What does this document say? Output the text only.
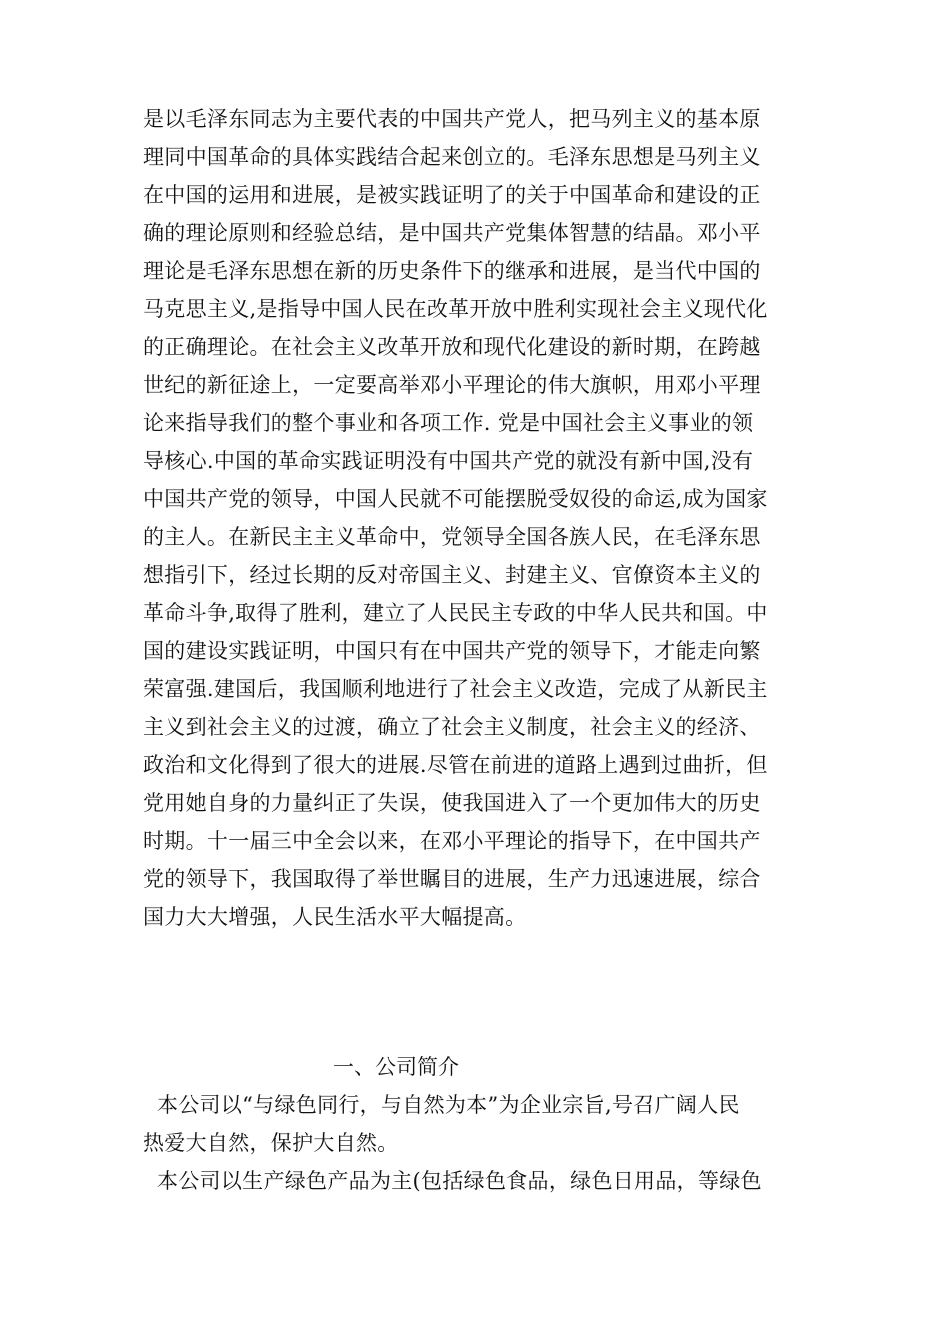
是以毛泽东同志为主要代表的中国共产党人，把马列主义的基本原
理同中国革命的具体实践结合起来创立的。毛泽东思想是马列主义
在中国的运用和进展，是被实践证明了的关于中国革命和建设的正
确的理论原则和经验总结，是中国共产党集体智慧的结晶。邓小平
理论是毛泽东思想在新的历史条件下的继承和进展，是当代中国的
马克思主义,是指导中国人民在改革开放中胜利实现社会主义现代化
的正确理论。在社会主义改革开放和现代化建设的新时期，在跨越
世纪的新征途上，一定要高举邓小平理论的伟大旗帜，用邓小平理
论来指导我们的整个事业和各项工作. 党是中国社会主义事业的领
导核心.中国的革命实践证明没有中国共产党的就没有新中国,没有
中国共产党的领导，中国人民就不可能摆脱受奴役的命运,成为国家
的主人。在新民主主义革命中，党领导全国各族人民，在毛泽东思
想指引下，经过长期的反对帝国主义、封建主义、官僚资本主义的
革命斗争,取得了胜利，建立了人民民主专政的中华人民共和国。中
国的建设实践证明，中国只有在中国共产党的领导下，才能走向繁
荣富强.建国后，我国顺利地进行了社会主义改造，完成了从新民主
主义到社会主义的过渡，确立了社会主义制度，社会主义的经济、
政治和文化得到了很大的进展.尽管在前进的道路上遇到过曲折，但
党用她自身的力量纠正了失误，使我国进入了一个更加伟大的历史
时期。十一届三中全会以来，在邓小平理论的指导下，在中国共产
党的领导下，我国取得了举世瞩目的进展，生产力迅速进展，综合
国力大大增强，人民生活水平大幅提高。
一、公司简介
本公司以“与绿色同行，与自然为本”为企业宗旨,号召广阔人民
热爱大自然，保护大自然。
本公司以生产绿色产品为主(包括绿色食品，绿色日用品，等绿色
